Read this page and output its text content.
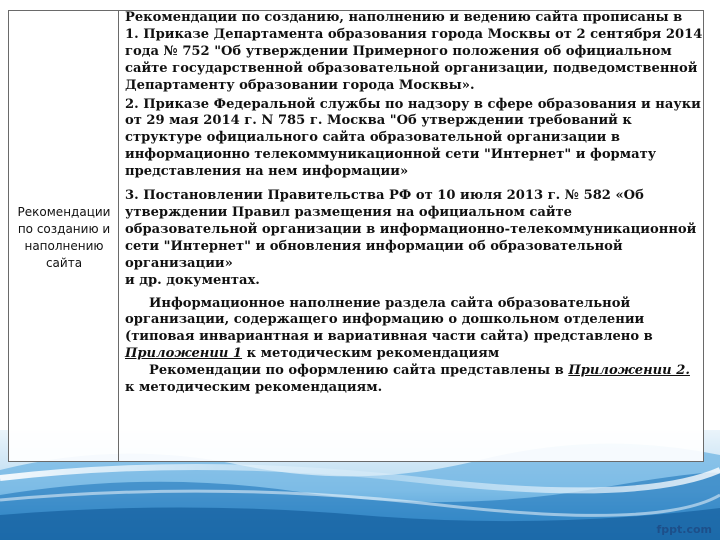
Рекомендации
по созданию и
наполнению
сайта

Рекомендации по созданию, наполнению и ведению сайта прописаны в

1. Приказе Департамента образования города Москвы от 2 сентября 2014 года № 752 "Об утверждении Примерного положения об официальном сайте государственной образовательной организации, подведомственной Департаменту образовании города Москвы».

2. Приказе Федеральной службы по надзору в сфере образования и науки от 29 мая 2014 г. N 785 г. Москва "Об утверждении требований к структуре официального сайта образовательной организации в информационно телекоммуникационной сети "Интернет" и формату представления на нем информации»

3. Постановлении Правительства РФ от 10 июля 2013 г. № 582 «Об утверждении Правил размещения на официальном сайте образовательной организации в информационно-телекоммуникационной сети "Интернет" и обновления информации об образовательной организации»

и др. документах.

Информационное наполнение раздела сайта образовательной организации, содержащего информацию о дошкольном отделении (типовая инвариантная и вариативная части сайта) представлено в Приложении 1 к методическим рекомендациям

Рекомендации по оформлению сайта представлены в Приложении 2. к методическим рекомендациям.

fppt.com
